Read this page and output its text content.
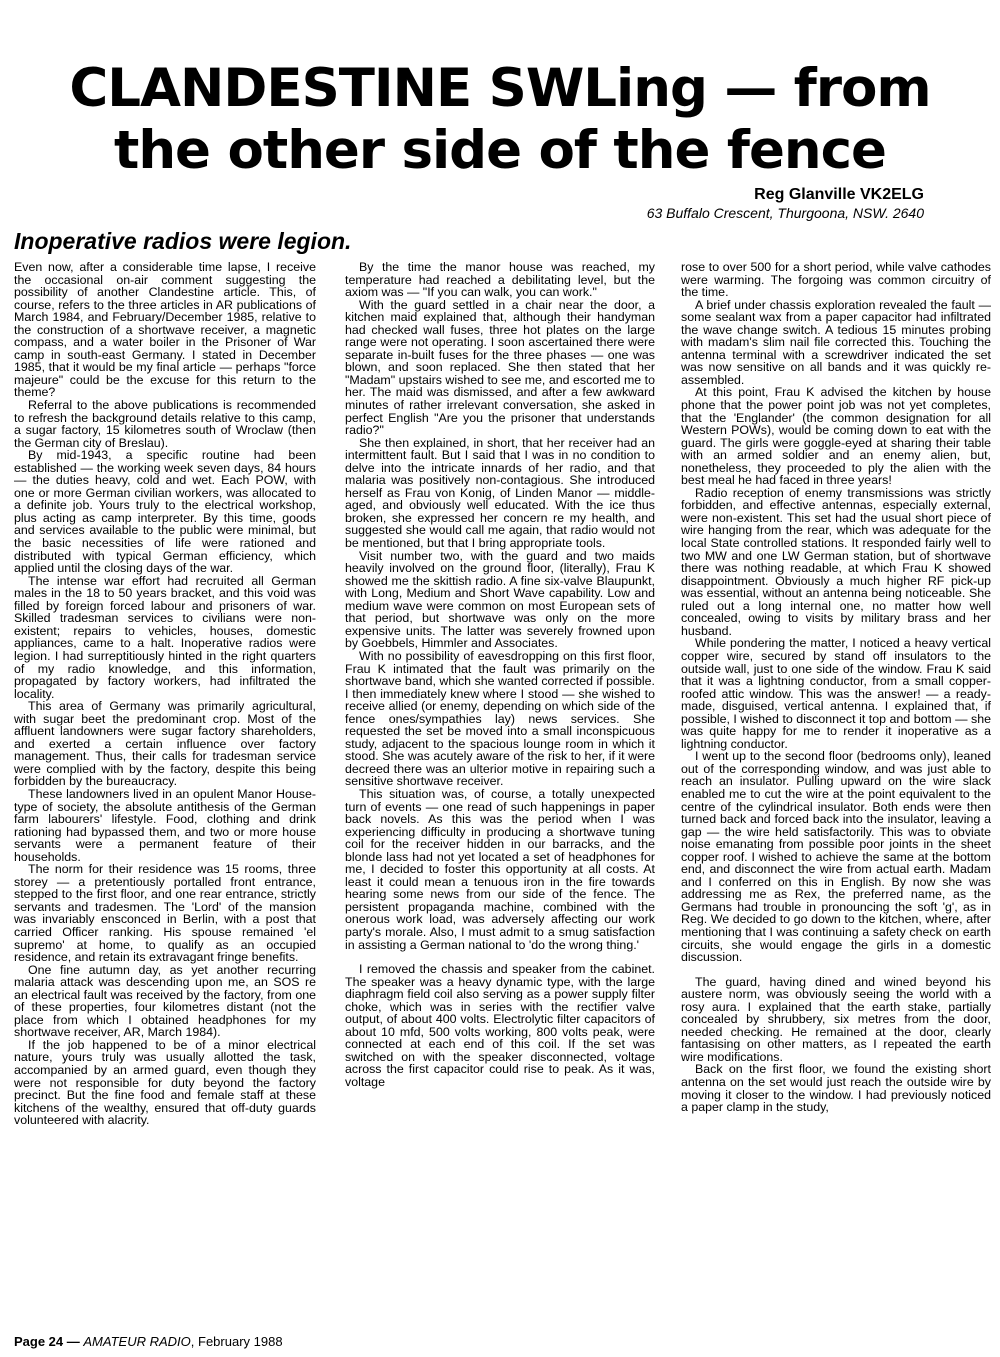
CLANDESTINE SWLing — from
the other side of the fence
Reg Glanville VK2ELG
63 Buffalo Crescent, Thurgoona, NSW. 2640
Inoperative radios were legion.

Even now, after a considerable time lapse, I receive the occasional on-air comment suggesting the possibility of another Clandestine article. This, of course, refers to the three articles in AR publications of March 1984, and February/December 1985, relative to the construction of a shortwave receiver, a magnetic compass, and a water boiler in the Prisoner of War camp in south-east Germany. I stated in December 1985, that it would be my final article — perhaps "force majeure" could be the excuse for this return to the theme?

Referral to the above publications is recommended to refresh the background details relative to this camp, a sugar factory, 15 kilometres south of Wroclaw (then the German city of Breslau).

By mid-1943, a specific routine had been established — the working week seven days, 84 hours — the duties heavy, cold and wet. Each POW, with one or more German civilian workers, was allocated to a definite job. Yours truly to the electrical workshop, plus acting as camp interpreter. By this time, goods and services available to the public were minimal, but the basic necessities of life were rationed and distributed with typical German efficiency, which applied until the closing days of the war.

The intense war effort had recruited all German males in the 18 to 50 years bracket, and this void was filled by foreign forced labour and prisoners of war. Skilled tradesman services to civilians were non-existent; repairs to vehicles, houses, domestic appliances, came to a halt. Inoperative radios were legion. I had surreptitiously hinted in the right quarters of my radio knowledge, and this information, propagated by factory workers, had infiltrated the locality.

This area of Germany was primarily agricultural, with sugar beet the predominant crop. Most of the affluent landowners were sugar factory shareholders, and exerted a certain influence over factory management. Thus, their calls for tradesman service were complied with by the factory, despite this being forbidden by the bureaucracy.

These landowners lived in an opulent Manor House-type of society, the absolute antithesis of the German farm labourers' lifestyle. Food, clothing and drink rationing had bypassed them, and two or more house servants were a permanent feature of their households.

The norm for their residence was 15 rooms, three storey — a pretentiously portalled front entrance, stepped to the first floor, and one rear entrance, strictly servants and tradesmen. The 'Lord' of the mansion was invariably ensconced in Berlin, with a post that carried Officer ranking. His spouse remained 'el supremo' at home, to qualify as an occupied residence, and retain its extravagant fringe benefits.

One fine autumn day, as yet another recurring malaria attack was descending upon me, an SOS re an electrical fault was received by the factory, from one of these properties, four kilometres distant (not the place from which I obtained headphones for my shortwave receiver, AR, March 1984).

If the job happened to be of a minor electrical nature, yours truly was usually allotted the task, accompanied by an armed guard, even though they were not responsible for duty beyond the factory precinct. But the fine food and female staff at these kitchens of the wealthy, ensured that off-duty guards volunteered with alacrity.

By the time the manor house was reached, my temperature had reached a debilitating level, but the axiom was — "If you can walk, you can work."

With the guard settled in a chair near the door, a kitchen maid explained that, although their handyman had checked wall fuses, three hot plates on the large range were not operating. I soon ascertained there were separate in-built fuses for the three phases — one was blown, and soon replaced. She then stated that her "Madam" upstairs wished to see me, and escorted me to her. The maid was dismissed, and after a few awkward minutes of rather irrelevant conversation, she asked in perfect English "Are you the prisoner that understands radio?"

She then explained, in short, that her receiver had an intermittent fault. But I said that I was in no condition to delve into the intricate innards of her radio, and that malaria was positively non-contagious. She introduced herself as Frau von Konig, of Linden Manor — middle-aged, and obviously well educated. With the ice thus broken, she expressed her concern re my health, and suggested she would call me again, that radio would not be mentioned, but that I bring appropriate tools.

Visit number two, with the guard and two maids heavily involved on the ground floor, (literally), Frau K showed me the skittish radio. A fine six-valve Blaupunkt, with Long, Medium and Short Wave capability. Low and medium wave were common on most European sets of that period, but shortwave was only on the more expensive units. The latter was severely frowned upon by Goebbels, Himmler and Associates.

With no possibility of eavesdropping on this first floor, Frau K intimated that the fault was primarily on the shortwave band, which she wanted corrected if possible. I then immediately knew where I stood — she wished to receive allied (or enemy, depending on which side of the fence ones/sympathies lay) news services. She requested the set be moved into a small inconspicuous study, adjacent to the spacious lounge room in which it stood. She was acutely aware of the risk to her, if it were decreed there was an ulterior motive in repairing such a sensitive shortwave receiver.

This situation was, of course, a totally unexpected turn of events — one read of such happenings in paper back novels. As this was the period when I was experiencing difficulty in producing a shortwave tuning coil for the receiver hidden in our barracks, and the blonde lass had not yet located a set of headphones for me, I decided to foster this opportunity at all costs. At least it could mean a tenuous iron in the fire towards hearing some news from our side of the fence. The persistent propaganda machine, combined with the onerous work load, was adversely affecting our work party's morale. Also, I must admit to a smug satisfaction in assisting a German national to 'do the wrong thing.'

I removed the chassis and speaker from the cabinet. The speaker was a heavy dynamic type, with the large diaphragm field coil also serving as a power supply filter choke, which was in series with the rectifier valve output, of about 400 volts. Electrolytic filter capacitors of about 10 mfd, 500 volts working, 800 volts peak, were connected at each end of this coil. If the set was switched on with the speaker disconnected, voltage across the first capacitor could rise to peak. As it was, voltage

rose to over 500 for a short period, while valve cathodes were warming. The forgoing was common circuitry of the time.

A brief under chassis exploration revealed the fault — some sealant wax from a paper capacitor had infiltrated the wave change switch. A tedious 15 minutes probing with madam's slim nail file corrected this. Touching the antenna terminal with a screwdriver indicated the set was now sensitive on all bands and it was quickly re-assembled.

At this point, Frau K advised the kitchen by house phone that the power point job was not yet completes, that the 'Englander' (the common designation for all Western POWs), would be coming down to eat with the guard. The girls were goggle-eyed at sharing their table with an armed soldier and an enemy alien, but, nonetheless, they proceeded to ply the alien with the best meal he had faced in three years!

Radio reception of enemy transmissions was strictly forbidden, and effective antennas, especially external, were non-existent. This set had the usual short piece of wire hanging from the rear, which was adequate for the local State controlled stations. It responded fairly well to two MW and one LW German station, but of shortwave there was nothing readable, at which Frau K showed disappointment. Obviously a much higher RF pick-up was essential, without an antenna being noticeable. She ruled out a long internal one, no matter how well concealed, owing to visits by military brass and her husband.

While pondering the matter, I noticed a heavy vertical copper wire, secured by stand off insulators to the outside wall, just to one side of the window. Frau K said that it was a lightning conductor, from a small copper-roofed attic window. This was the answer! — a ready-made, disguised, vertical antenna. I explained that, if possible, I wished to disconnect it top and bottom — she was quite happy for me to render it inoperative as a lightning conductor.

I went up to the second floor (bedrooms only), leaned out of the corresponding window, and was just able to reach an insulator. Pulling upward on the wire slack enabled me to cut the wire at the point equivalent to the centre of the cylindrical insulator. Both ends were then turned back and forced back into the insulator, leaving a gap — the wire held satisfactorily. This was to obviate noise emanating from possible poor joints in the sheet copper roof. I wished to achieve the same at the bottom end, and disconnect the wire from actual earth. Madam and I conferred on this in English. By now she was addressing me as Rex, the preferred name, as the Germans had trouble in pronouncing the soft 'g', as in Reg. We decided to go down to the kitchen, where, after mentioning that I was continuing a safety check on earth circuits, she would engage the girls in a domestic discussion.

The guard, having dined and wined beyond his austere norm, was obviously seeing the world with a rosy aura. I explained that the earth stake, partially concealed by shrubbery, six metres from the door, needed checking. He remained at the door, clearly fantasising on other matters, as I repeated the earth wire modifications.

Back on the first floor, we found the existing short antenna on the set would just reach the outside wire by moving it closer to the window. I had previously noticed a paper clamp in the study,

Page 24 — AMATEUR RADIO, February 1988
